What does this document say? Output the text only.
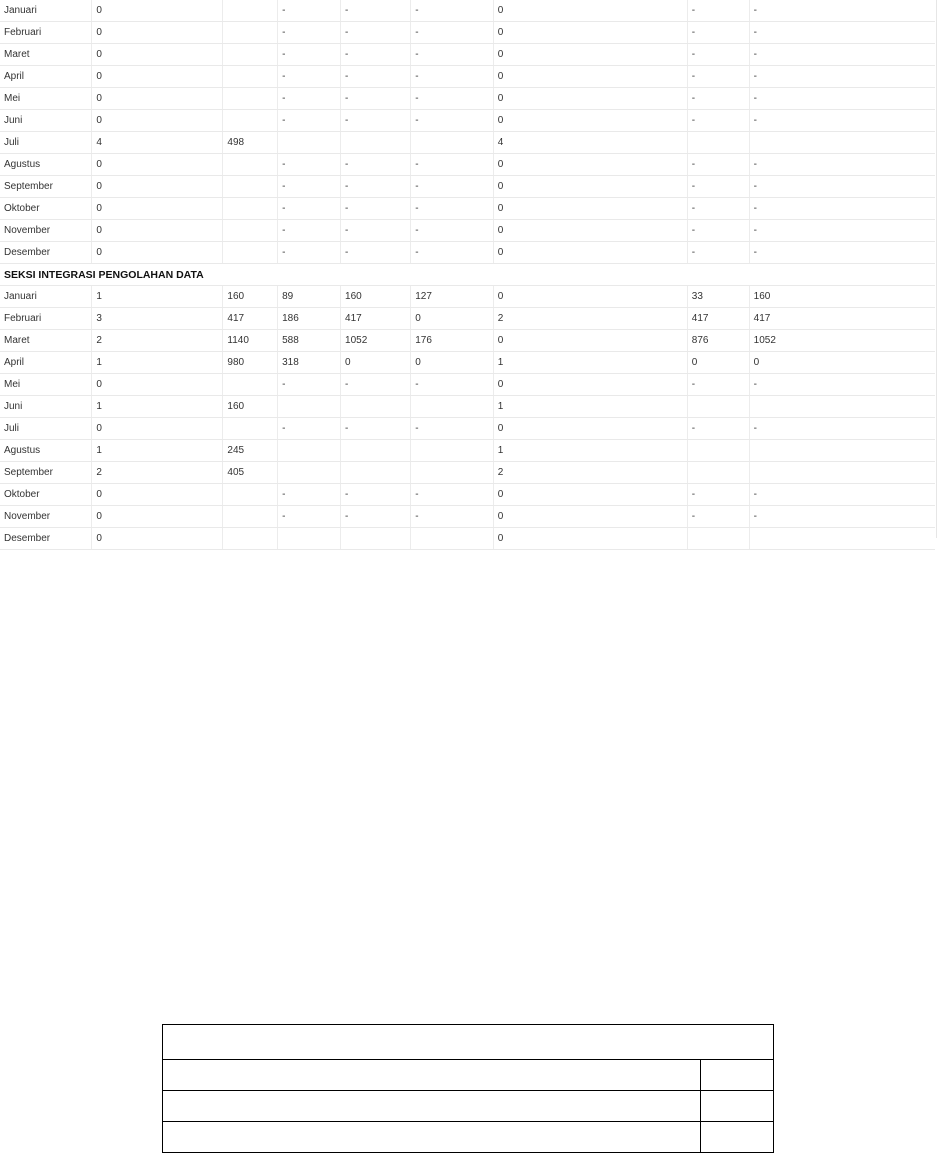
Januari	0		-	-	-	0	-	-
Februari	0		-	-	-	0	-	-
Maret	0		-	-	-	0	-	-
April	0		-	-	-	0	-	-
Mei	0		-	-	-	0	-	-
Juni	0		-	-	-	0	-	-
Juli	4	498				4		
Agustus	0		-	-	-	0	-	-
September	0		-	-	-	0	-	-
Oktober	0		-	-	-	0	-	-
November	0		-	-	-	0	-	-
Desember	0		-	-	-	0	-	-
SEKSI INTEGRASI PENGOLAHAN DATA								
Januari	1	160	89	160	127	0	33	160
Februari	3	417	186	417	0	2	417	417
Maret	2	1140	588	1052	176	0	876	1052
April	1	980	318	0	0	1	0	0
Mei	0		-	-	-	0	-	-
Juni	1	160				1		
Juli	0		-	-	-	0	-	-
Agustus	1	245				1		
September	2	405				2		
Oktober	0		-	-	-	0	-	-
November	0		-	-	-	0	-	-
Desember	0					0		
